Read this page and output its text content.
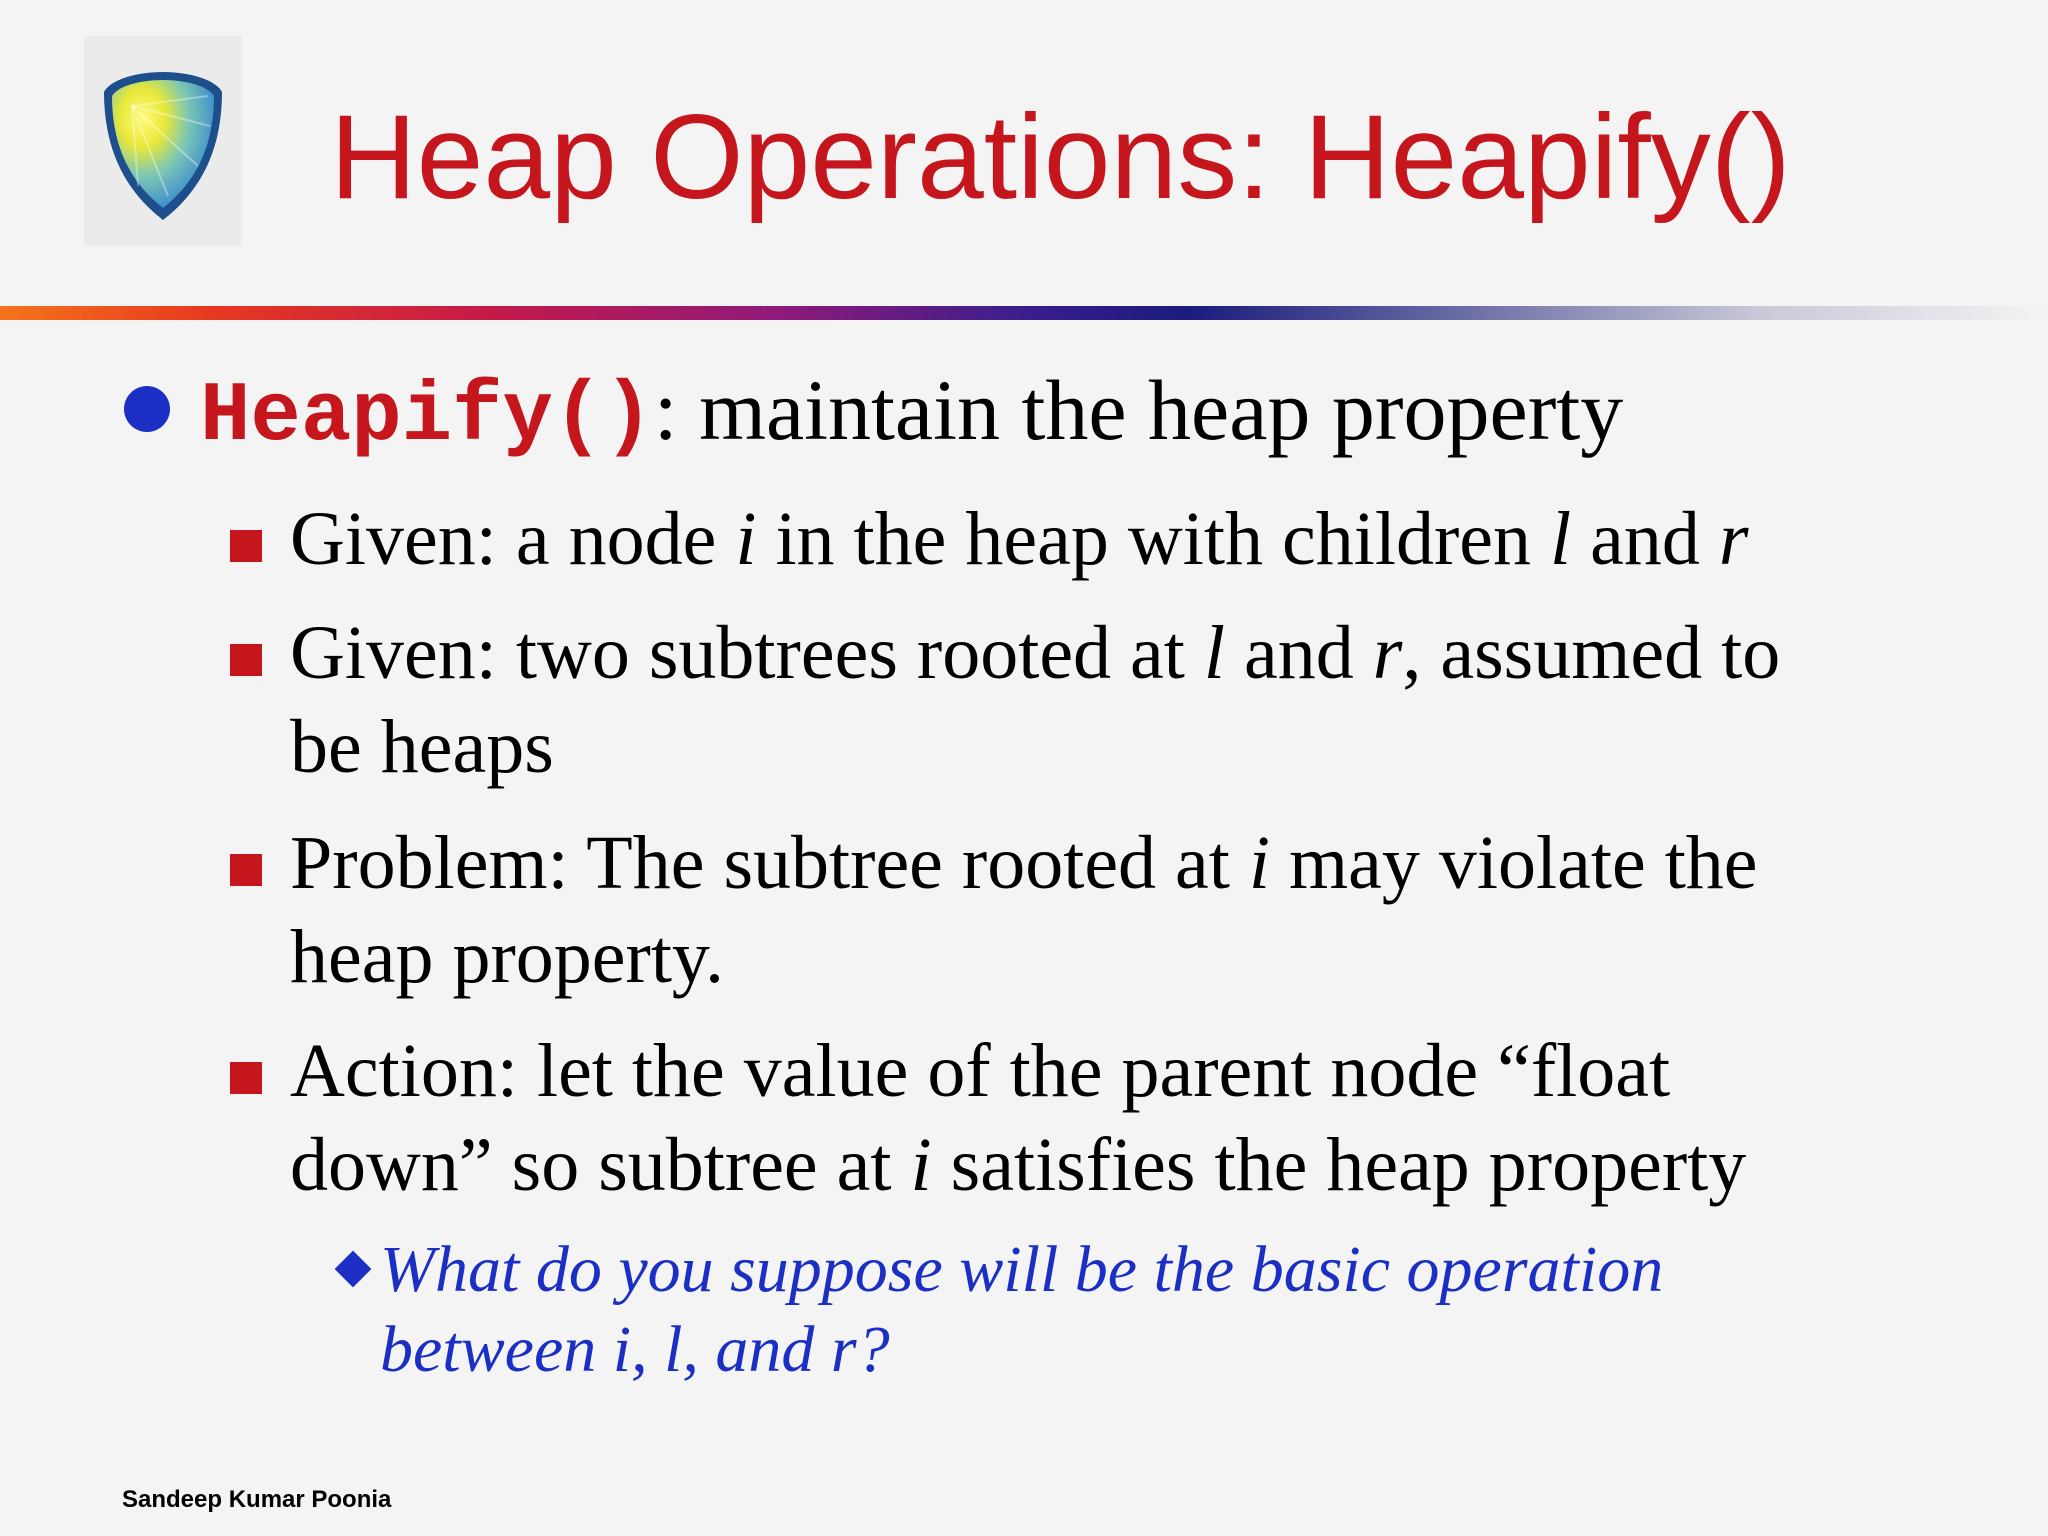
Heap Operations: Heapify()
Heapify(): maintain the heap property
Given: a node i in the heap with children l and r
Given: two subtrees rooted at l and r, assumed to
be heaps
Problem: The subtree rooted at i may violate the
heap property.
Action: let the value of the parent node “float
down” so subtree at i satisfies the heap property
What do you suppose will be the basic operation
between i, l, and r?
Sandeep Kumar Poonia
